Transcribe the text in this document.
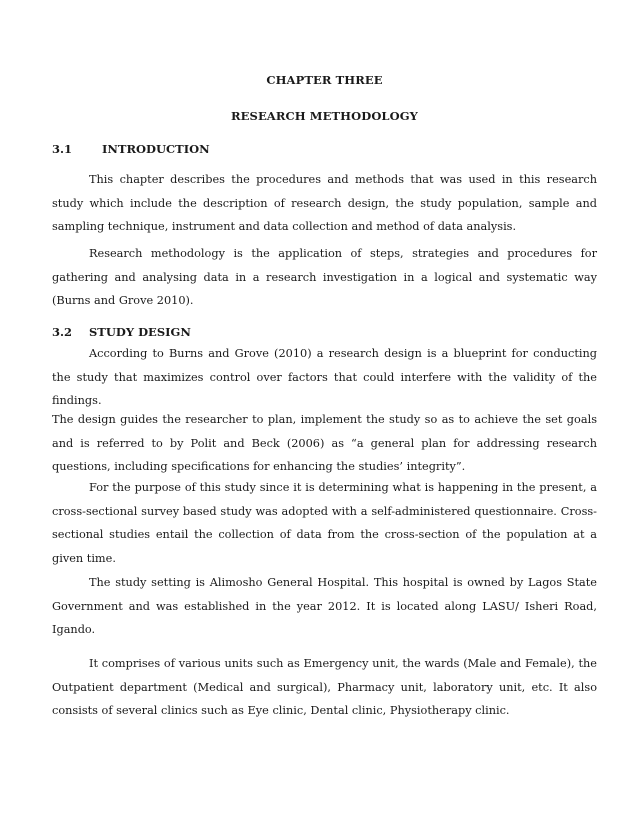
CHAPTER THREE
RESEARCH METHODOLOGY
3.1	INTRODUCTION

This chapter describes the procedures and methods that was used in this research study which include the description of research design, the study population, sample and sampling technique, instrument and data collection and method of data analysis.

Research methodology is the application of steps, strategies and procedures for gathering and analysing data in a research investigation in a logical and systematic way (Burns and Grove 2010).

3.2 STUDY DESIGN

According to Burns and Grove (2010) a research design is a blueprint for conducting the study that maximizes control over factors that could interfere with the validity of the findings.

The design guides the researcher to plan, implement the study so as to achieve the set goals and is referred to by Polit and Beck (2006) as “a general plan for addressing research questions, including specifications for enhancing the studies’ integrity”.

For the purpose of this study since it is determining what is happening in the present, a cross-sectional survey based study was adopted with a self-administered questionnaire. Cross-sectional studies entail the collection of data from the cross-section of the population at a given time.

The study setting is Alimosho General Hospital. This hospital is owned by Lagos State Government and was established in the year 2012. It is located along LASU/ Isheri Road, Igando.

It comprises of various units such as Emergency unit, the wards (Male and Female), the Outpatient department (Medical and surgical), Pharmacy unit, laboratory unit, etc. It also consists of several clinics such as Eye clinic, Dental clinic, Physiotherapy clinic.
